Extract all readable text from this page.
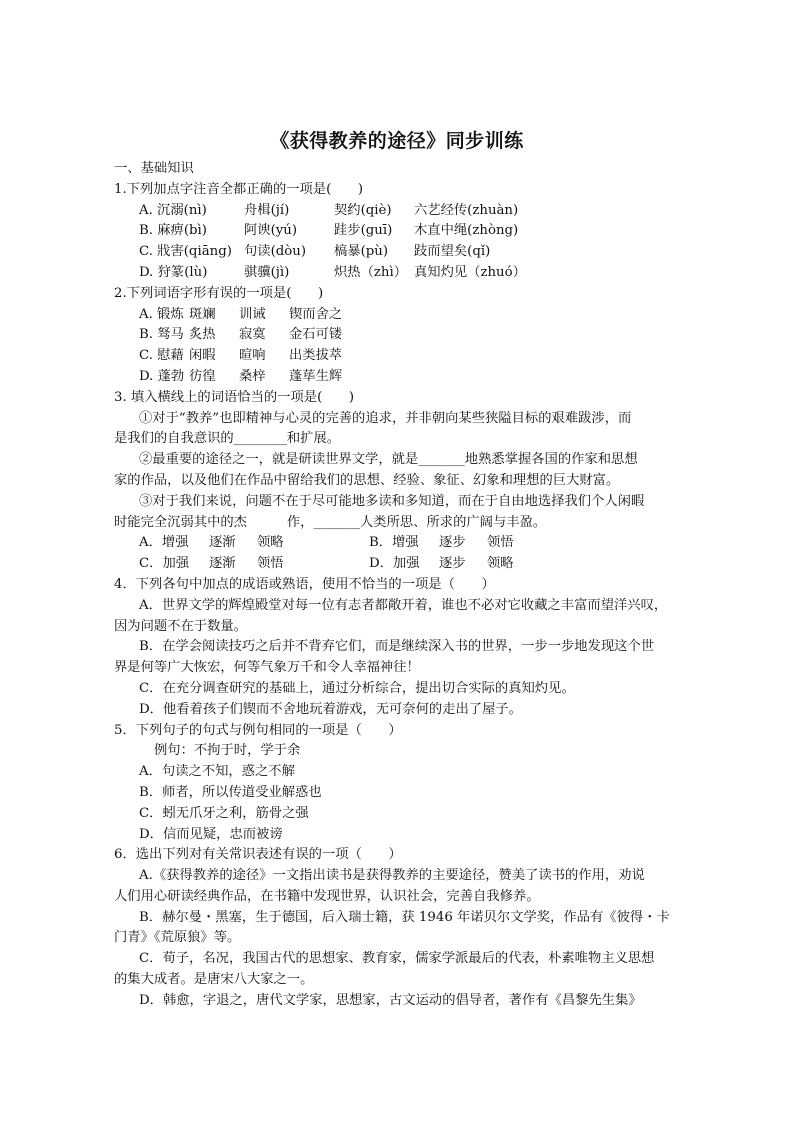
《获得教养的途径》同步训练
一、基础知识
1.下列加点字注音全都正确的一项是(　　)
A. 沉溺(nì)	舟楫(jí)	契约(qiè)	六艺经传(zhuàn)
B. 麻痹(bì)	阿谀(yú)	跬步(guī)	木直中绳(zhòng)
C. 戕害(qiāng) 句读(dòu)	槁暴(pù)	跂而望矣(qǐ)
D. 狩篆(lù)	骐骥(jì)	炽热（zhì） 真知灼见（zhuó）
2.下列词语字形有误的一项是(　　)
A. 锻炼 斑斓	训诫	锲而舍之
B. 驽马 炙热	寂寞	金石可镂
C. 慰藉 闲暇	暄响	出类拔萃
D. 蓬勃 彷徨	桑梓	蓬荜生辉
3. 填入横线上的词语恰当的一项是(　　)
①对于“教养”也即精神与心灵的完善的追求，并非朝向某些狭隘目标的艰难跋涉，而
是我们的自我意识的________和扩展。
②最重要的途径之一，就是研读世界文学，就是_______地熟悉掌握各国的作家和思想
家的作品，以及他们在作品中留给我们的思想、经验、象征、幻象和理想的巨大财富。
③对于我们来说，问题不在于尽可能地多读和多知道，而在于自由地选择我们个人闲暇
时能完全沉弱其中的杰　　　作，_______人类所思、所求的广阔与丰盈。
A．增强	逐渐	领略	B．增强	逐步	领悟
C．加强	逐渐	领悟	D．加强	逐步	领略
4．下列各句中加点的成语或熟语，使用不恰当的一项是（　　）
A．世界文学的辉煌殿堂对每一位有志者都敞开着，谁也不必对它收藏之丰富而望洋兴叹，
因为问题不在于数量。
B．在学会阅读技巧之后并不背弃它们，而是继续深入书的世界，一步一步地发现这个世
界是何等广大恢宏，何等气象万千和令人幸福神往！
C．在充分调查研究的基础上，通过分析综合，提出切合实际的真知灼见。
D．他看着孩子们锲而不舍地玩着游戏，无可奈何的走出了屋子。
5．下列句子的句式与例句相同的一项是（　　）
例句：不拘于时，学于余
A．句读之不知，惑之不解
B．师者，所以传道受业解惑也
C．蚓无爪牙之利，筋骨之强
D．信而见疑，忠而被谤
6．选出下列对有关常识表述有误的一项（　　）
A.《获得教养的途径》一文指出读书是获得教养的主要途径，赞美了读书的作用，劝说
人们用心研读经典作品，在书籍中发现世界，认识社会，完善自我修养。
B．赫尔曼・黑塞，生于德国，后入瑞士籍，获 1946 年诺贝尔文学奖，作品有《彼得・卡
门青》《荒原狼》等。
C．荀子，名况，我国古代的思想家、教育家，儒家学派最后的代表，朴素唯物主义思想
的集大成者。是唐宋八大家之一。
D．韩愈，字退之，唐代文学家，思想家，古文运动的倡导者，著作有《昌黎先生集》
